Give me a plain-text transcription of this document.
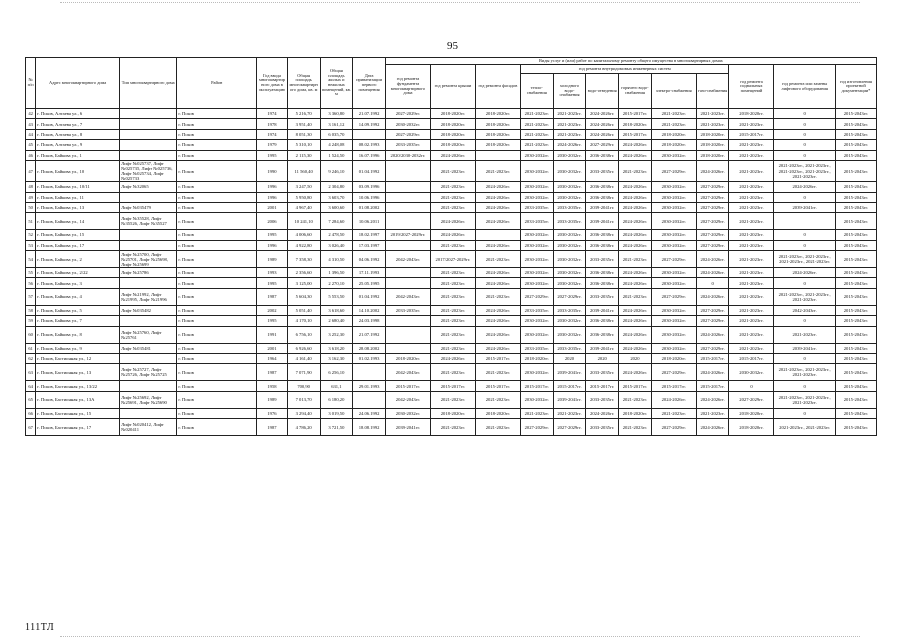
95
№ п/п	Адрес многоквартирного дома	Тип многоквартирного дома	Район	Год ввода многоквартирного дома в эксплуатацию	Общая площадь многоквартирного дома, кв. м	Общая площадь жилых и нежилых помещений, кв. м	Дата приватизации первого помещения	Виды услуг и (или) работ по капитальному ремонту общего имущества в многоквартирных домах											
								год ремонта фундамента многоквартирного дома	год ремонта крыши	год ремонта фасадов	год ремонта внутридомовых инженерных систем						год ремонта подвальных помещений	год ремонта или замены лифтового оборудования	год изготовления проектной документации*
											тепло-снабжения	холодного водо-снабжения	водо-отведения	горячего водо-снабжения	электро-снабжения	газо-снабжения			
42	г. Псков, Алтаева ул., 6		г. Псков	1974	5 216,70	3 360,80	21.07.1992	2027-2029гг.	2018-2020гг.	2018-2020гг.	2021-2023гг.	2021-2023гг.	2024-2026гг.	2015-2017гг.	2021-2023гг.	2021-2023гг.	2018-2020гг.	0	2015-2043гг.
43	г. Псков, Алтаева ул., 7		г. Псков	1978	3 951,40	3 161,12	14.09.1992	2030-2032гг.	2018-2020гг.	2018-2020гг.	2021-2023гг.	2021-2023гг.	2024-2026гг.	2018-2020гг.	2021-2023гг.	2021-2023гг.	2021-2023гг.	0	2015-2043гг.
44	г. Псков, Алтаева ул., 8		г. Псков	1974	8 051,30	6 035,70		2027-2029гг.	2018-2020гг.	2018-2020гг.	2021-2023гг.	2021-2023гг.	2024-2026гг.	2015-2017гг.	2018-2020гг.	2018-2020гг.	2015-2017гг.	0	2015-2043гг.
45	г. Псков, Алтаева ул., 9		г. Псков	1979	5 310,10	4 248,08	08.02.1993	2033-2035гг.	2018-2020гг.	2018-2020гг.	2021-2023гг.	2024-2026гг.	2027-2029гг.	2024-2026гг.	2018-2020гг.	2018-2020гг.	2021-2023гг.	0	2015-2043гг.
46	г. Псков, Байкова ул., 1		г. Псков	1995	2 115,30	1 524,50	16.07.1996	2020/2030-2032гг.	2024-2026гг.		2030-2032гг.	2030-2032гг.	2036-2038гг.	2024-2026гг.	2030-2032гг.	2018-2020гг.	2021-2023гг.	0	2015-2043гг.
47	г. Псков, Байкова ул., 10	Лифт №025737, Лифт №025735, Лифт №025736, Лифт №025734, Лифт №025733	г. Псков	1990	11 560,40	9 246,10	01.04.1992		2021-2023гг.	2021-2023гг.	2030-2032гг.	2030-2032гг.	2033-2035гг.	2021-2023гг.	2027-2029гг.	2024-2026гг.	2021-2023гг.	2021-2023гг., 2021-2023гг., 2021-2023гг., 2021-2023гг., 2021-2023гг.	2015-2043гг.
48	г. Псков, Байкова ул., 10/11	Лифт №32065	г. Псков	1996	3 247,50	2 304,80	03.09.1996		2021-2023гг.	2024-2026гг.	2030-2032гг.	2030-2032гг.	2036-2038гг.	2024-2026гг.	2030-2032гг.	2027-2029гг.	2021-2023гг.	2024-2026гг.	2015-2043гг.
49	г. Псков, Байкова ул., 11		г. Псков	1996	5 950,80	3 603,70	10.06.1996		2021-2023гг.	2024-2026гг.	2030-2032гг.	2030-2032гг.	2036-2038гг.	2024-2026гг.	2030-2032гг.	2027-2029гг.	2021-2023гг.	0	2015-2043гг.
50	г. Псков, Байкова ул., 13	Лифт №035479	г. Псков	2001	4 967,40	3 600,60	01.08.2002		2021-2023гг.	2024-2026гг.	2033-2035гг.	2033-2035гг.	2039-2041гг.	2024-2026гг.	2030-2032гг.	2027-2029гг.	2021-2023гг.	2039-2041гг.	2015-2043гг.
51	г. Псков, Байкова ул., 14	Лифт №35528, Лифт №35526, Лифт №35527	г. Псков	2006	10 241,10	7 284,60	10.06.2011		2024-2026гг.	2024-2026гг.	2033-2035гг.	2033-2035гг.	2039-2041гг.	2024-2026гг.	2030-2032гг.	2027-2029гг.	2021-2023гг.		2015-2043гг.
52	г. Псков, Байкова ул., 15		г. Псков	1995	4 006,60	2 478,50	18.02.1997	2019/2027-2029гг.	2024-2026гг.		2030-2032гг.	2030-2032гг.	2036-2038гг.	2024-2026гг.	2030-2032гг.	2027-2029гг.	2021-2023гг.	0	2015-2043гг.
53	г. Псков, Байкова ул., 17		г. Псков	1996	4 922,80	3 026,40	17.03.1997		2021-2023гг.	2024-2026гг.	2030-2032гг.	2030-2032гг.	2036-2038гг.	2024-2026гг.	2030-2032гг.	2027-2029гг.	2021-2023гг.	0	2015-2043гг.
54	г. Псков, Байкова ул., 2	Лифт №25700, Лифт №25701, Лифт №25698, Лифт №25699	г. Псков	1989	7 358,30	4 310,50	04.06.1992	2042-2043гг.	2017/2027-2029гг.	2021-2023гг.	2030-2032гг.	2030-2032гг.	2033-2035гг.	2021-2023гг.	2027-2029гг.	2024-2026гг.	2021-2023гг.	2021-2023гг., 2021-2023гг., 2021-2023гг., 2021-2023гг.	2015-2043гг.
55	г. Псков, Байкова ул., 2/22	Лифт №25786	г. Псков	1993	2 356,60	1 396,50	17.11.1993		2021-2023гг.	2024-2026гг.	2030-2032гг.	2030-2032гг.	2036-2038гг.	2024-2026гг.	2030-2032гг.	2024-2026гг.	2021-2023гг.	2024-2026гг.	2015-2043гг.
56	г. Псков, Байкова ул., 3		г. Псков	1995	3 125,00	2 270,10	25.05.1995		2021-2023гг.	2024-2026гг.	2030-2032гг.	2030-2032гг.	2036-2038гг.	2024-2026гг.	2030-2032гг.	0	2021-2023гг.	0	2015-2043гг.
57	г. Псков, Байкова ул., 4	Лифт №21992, Лифт №21995, Лифт №21996	г. Псков	1987	5 604,30	5 553,50	01.04.1992	2042-2043гг.	2021-2023гг.	2021-2023гг.	2027-2029гг.	2027-2029гг.	2033-2035гг.	2021-2023гг.	2027-2029гг.	2024-2026гг.	2021-2023гг.	2021-2023гг., 2021-2023гг., 2021-2023гг.	2015-2043гг.
58	г. Псков, Байкова ул., 5	Лифт №035482	г. Псков	2002	5 051,40	3 618,60	14.10.2002	2033-2035гг.	2021-2023гг.	2024-2026гг.	2033-2035гг.	2033-2035гг.	2039-2041гг.	2024-2026гг.	2030-2032гг.	2027-2029гг.	2021-2023гг.	2042-2043гг.	2015-2043гг.
59	г. Псков, Байкова ул., 7		г. Псков	1995	4 170,10	2 680,40	24.03.1998		2021-2023гг.	2024-2026гг.	2030-2032гг.	2030-2032гг.	2036-2038гг.	2024-2026гг.	2030-2032гг.	2027-2029гг.	2021-2023гг.	0	2015-2043гг.
60	г. Псков, Байкова ул., 8	Лифт №25760, Лифт №25761	г. Псков	1991	6 756,10	3 252,30	21.07.1992		2021-2023гг.	2024-2026гг.	2030-2032гг.	2030-2032гг.	2036-2038гг.	2024-2026гг.	2030-2032гг.	2024-2026гг.	2021-2023гг.	2021-2023гг.	2015-2043гг.
61	г. Псков, Байкова ул., 9	Лифт №035481	г. Псков	2001	6 926,60	3 618,20	28.08.2002		2021-2023гг.	2024-2026гг.	2033-2035гг.	2033-2035гг.	2039-2041гг.	2024-2026гг.	2030-2032гг.	2027-2029гг.	2021-2023гг.	2039-2041гг.	2015-2043гг.
62	г. Псков, Бастионная ул., 12		г. Псков	1964	4 161,40	3 162,30	01.02.1993	2018-2020гг.	2024-2026гг.	2015-2017гг.	2018-2020гг.	2020	2020	2020	2018-2020гг.	2015-2017гг.	2015-2017гг.	0	2015-2043гг.
63	г. Псков, Бастионная ул., 13	Лифт №25727, Лифт №25726, Лифт №25725	г. Псков	1987	7 071,90	6 256,10		2042-2043гг.	2021-2023гг.	2021-2023гг.	2030-2032гг.	2039-2041гг.	2033-2035гг.	2024-2026гг.	2027-2029гг.	2024-2026гг.	2030-2032гг.	2021-2023гг., 2021-2023гг., 2021-2023гг.	2015-2043гг.
64	г. Псков, Бастионная ул., 13/22		г. Псков	1958	700,90	631,1	29.01.1993	2015-2017гг.	2015-2017гг.	2015-2017гг.	2015-2017гг.	2015-2017гг.	2015-2017гг.	2015-2017гг.	2015-2017гг.	2015-2017гг.	0	0	2015-2043гг.
65	г. Псков, Бастионная ул., 13А	Лифт №25692, Лифт №25691, Лифт №25690	г. Псков	1989	7 013,70	6 180,20		2042-2043гг.	2021-2023гг.	2021-2023гг.	2030-2032гг.	2039-2041гг.	2033-2035гг.	2021-2023гг.	2024-2026гг.	2024-2026гг.	2027-2029гг.	2021-2023гг., 2021-2023гг., 2021-2023гг.	2015-2043гг.
66	г. Псков, Бастионная ул., 15		г. Псков	1976	3 294,40	3 019,50	24.06.1992	2030-2032гг.	2018-2020гг.	2018-2020гг.	2021-2023гг.	2021-2023гг.	2024-2026гг.	2018-2020гг.	2021-2023гг.	2021-2023гг.	2018-2020гг.	0	2015-2043гг.
67	г. Псков, Бастионная ул., 17	Лифт №020412, Лифт №020411	г. Псков	1987	4 786,20	3 721,50	18.08.1992	2039-2041гг.	2021-2023гг.	2021-2023гг.	2027-2029гг.	2027-2029гг.	2033-2035гг.	2021-2023гг.	2027-2029гг.	2024-2026гг.	2018-2020гг.	2021-2023гг., 2021-2023гг.	2015-2043гг.
111ТЛ
